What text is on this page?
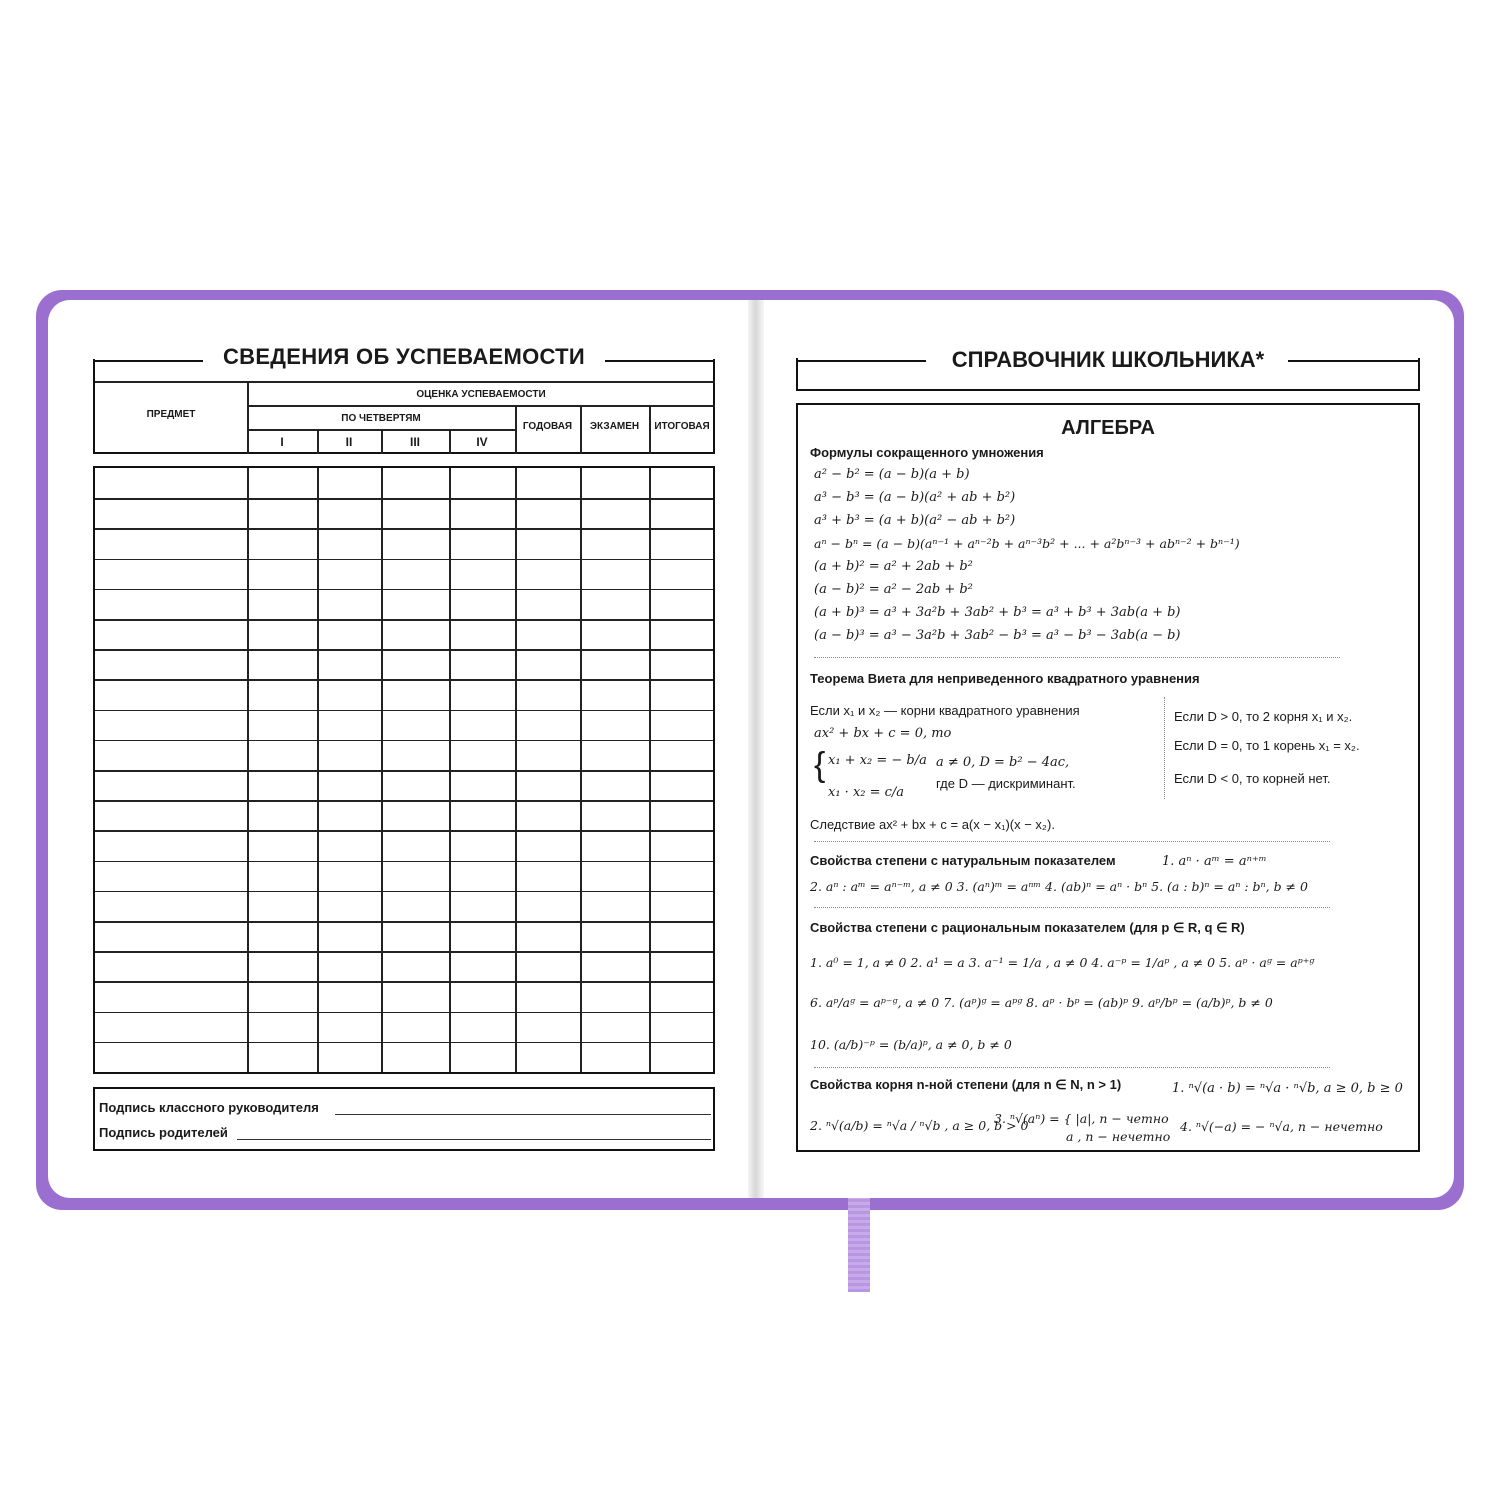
СВЕДЕНИЯ ОБ УСПЕВАЕМОСТИ
ПРЕДМЕТ
ОЦЕНКА УСПЕВАЕМОСТИ
ПО ЧЕТВЕРТЯМ
I	II	III	IV
ГОДОВАЯ	ЭКЗАМЕН	ИТОГОВАЯ
Подпись классного руководителя
Подпись родителей
СПРАВОЧНИК ШКОЛЬНИКА*
АЛГЕБРА
Формулы сокращенного умножения
a² − b² = (a − b)(a + b)
a³ − b³ = (a − b)(a² + ab + b²)
a³ + b³ = (a + b)(a² − ab + b²)
aⁿ − bⁿ = (a − b)(aⁿ⁻¹ + aⁿ⁻²b + aⁿ⁻³b² + ... + a²bⁿ⁻³ + abⁿ⁻² + bⁿ⁻¹)
(a + b)² = a² + 2ab + b²
(a − b)² = a² − 2ab + b²
(a + b)³ = a³ + 3a²b + 3ab² + b³ = a³ + b³ + 3ab(a + b)
(a − b)³ = a³ − 3a²b + 3ab² − b³ = a³ − b³ − 3ab(a − b)
Теорема Виета для неприведенного квадратного уравнения
Если x₁ и x₂ — корни квадратного уравнения
ax² + bx + c = 0, то
{ x₁ + x₂ = − b/a
x₁ · x₂ = c/a
a ≠ 0, D = b² − 4ac,
где D — дискриминант.
Если D > 0, то 2 корня x₁ и x₂.
Если D = 0, то 1 корень x₁ = x₂.
Если D < 0, то корней нет.
Следствие ax² + bx + c = a(x − x₁)(x − x₂).
Свойства степени с натуральным показателем	1. aⁿ · aᵐ = aⁿ⁺ᵐ
2. aⁿ : aᵐ = aⁿ⁻ᵐ, a ≠ 0 3. (aⁿ)ᵐ = aⁿᵐ 4. (ab)ⁿ = aⁿ · bⁿ 5. (a : b)ⁿ = aⁿ : bⁿ, b ≠ 0
Свойства степени с рациональным показателем (для p ∈ R, q ∈ R)
1. a⁰ = 1, a ≠ 0 2. a¹ = a 3. a⁻¹ = 1/a , a ≠ 0 4. a⁻ᵖ = 1/aᵖ , a ≠ 0 5. aᵖ · aᵍ = aᵖ⁺ᵍ
6. aᵖ/aᵍ = aᵖ⁻ᵍ, a ≠ 0 7. (aᵖ)ᵍ = aᵖᵍ 8. aᵖ · bᵖ = (ab)ᵖ 9. aᵖ/bᵖ = (a/b)ᵖ, b ≠ 0
10. (a/b)⁻ᵖ = (b/a)ᵖ, a ≠ 0, b ≠ 0
Свойства корня n-ной степени (для n ∈ N, n > 1)	1. ⁿ√(a · b) = ⁿ√a · ⁿ√b, a ≥ 0, b ≥ 0
2. ⁿ√(a/b) = ⁿ√a / ⁿ√b , a ≥ 0, b > 0
3. ⁿ√(aⁿ) = { |a|, n − четно
a , n − нечетно
4. ⁿ√(−a) = − ⁿ√a, n − нечетно
